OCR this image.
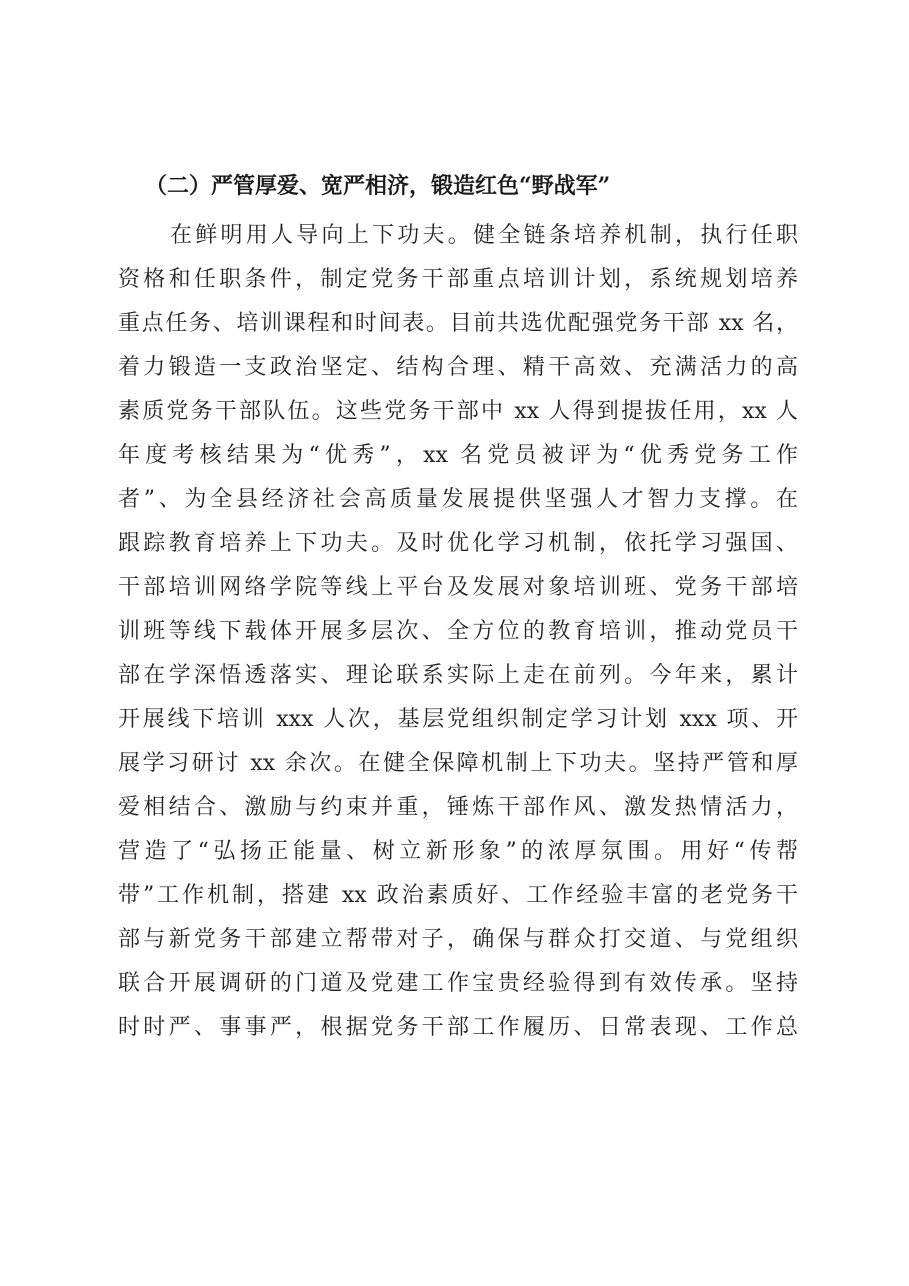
（二）严管厚爱、宽严相济，锻造红色“野战军”
在鲜明用人导向上下功夫。健全链条培养机制，执行任职
资格和任职条件，制定党务干部重点培训计划，系统规划培养
重点任务、培训课程和时间表。目前共选优配强党务干部 xx 名，
着力锻造一支政治坚定、结构合理、精干高效、充满活力的高
素质党务干部队伍。这些党务干部中 xx 人得到提拔任用，xx 人
年度考核结果为“优秀”，xx 名党员被评为“优秀党务工作
者”、为全县经济社会高质量发展提供坚强人才智力支撑。在
跟踪教育培养上下功夫。及时优化学习机制，依托学习强国、
干部培训网络学院等线上平台及发展对象培训班、党务干部培
训班等线下载体开展多层次、全方位的教育培训，推动党员干
部在学深悟透落实、理论联系实际上走在前列。今年来，累计
开展线下培训 xxx 人次，基层党组织制定学习计划 xxx 项、开
展学习研讨 xx 余次。在健全保障机制上下功夫。坚持严管和厚
爱相结合、激励与约束并重，锤炼干部作风、激发热情活力，
营造了“弘扬正能量、树立新形象”的浓厚氛围。用好“传帮
带”工作机制，搭建 xx 政治素质好、工作经验丰富的老党务干
部与新党务干部建立帮带对子，确保与群众打交道、与党组织
联合开展调研的门道及党建工作宝贵经验得到有效传承。坚持
时时严、事事严，根据党务干部工作履历、日常表现、工作总
